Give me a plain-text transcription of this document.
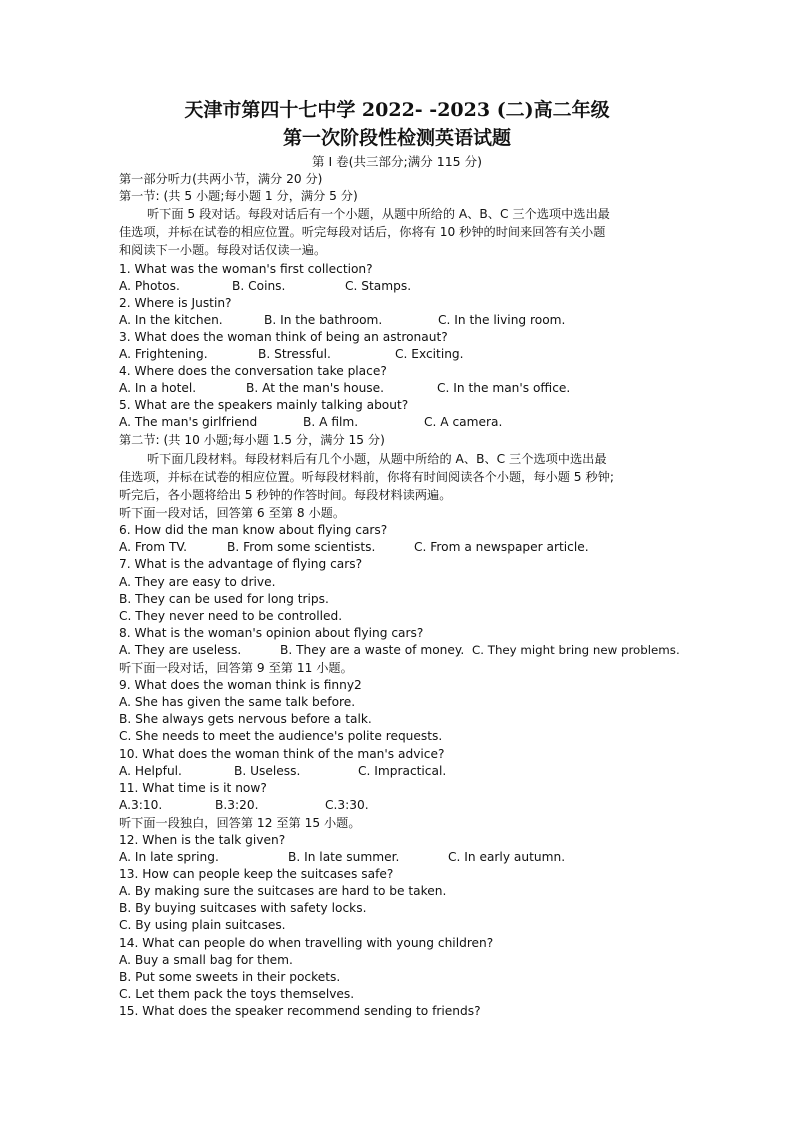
天津市第四十七中学 2022- -2023 (二)高二年级
第一次阶段性检测英语试题
第 I 卷(共三部分;满分 115 分)
第一部分听力(共两小节，满分 20 分)
第一节: (共 5 小题;每小题 1 分，满分 5 分)
听下面 5 段对话。每段对话后有一个小题，从题中所给的 A、B、C 三个选项中选出最
佳选项，并标在试卷的相应位置。听完每段对话后，你将有 10 秒钟的时间来回答有关小题
和阅读下一小题。每段对话仅读一遍。
1. What was the woman's first collection?
A. Photos.	B. Coins.	C. Stamps.
2. Where is Justin?
A. In the kitchen.	B. In the bathroom.	C. In the living room.
3. What does the woman think of being an astronaut?
A. Frightening.	B. Stressful.	C. Exciting.
4. Where does the conversation take place?
A. In a hotel.	B. At the man's house.	C. In the man's office.
5. What are the speakers mainly talking about?
A. The man's girlfriend	B. A film.	C. A camera.
第二节: (共 10 小题;每小题 1.5 分，满分 15 分)
听下面几段材料。每段材料后有几个小题，从题中所给的 A、B、C 三个选项中选出最
佳选项，并标在试卷的相应位置。听每段材料前，你将有时间阅读各个小题，每小题 5 秒钟;
听完后，各小题将给出 5 秒钟的作答时间。每段材料读两遍。
听下面一段对话，回答第 6 至第 8 小题。
6. How did the man know about flying cars?
A. From TV.	B. From some scientists.	C. From a newspaper article.
7. What is the advantage of flying cars?
A. They are easy to drive.
B. They can be used for long trips.
C. They never need to be controlled.
8. What is the woman's opinion about flying cars?
A. They are useless.	B. They are a waste of money. C. They might bring new problems.
听下面一段对话，回答第 9 至第 11 小题。
9. What does the woman think is finny2
A. She has given the same talk before.
B. She always gets nervous before a talk.
C. She needs to meet the audience's polite requests.
10. What does the woman think of the man's advice?
A. Helpful.	B. Useless.	C. Impractical.
11. What time is it now?
A.3:10.	B.3:20.	C.3:30.
听下面一段独白，回答第 12 至第 15 小题。
12. When is the talk given?
A. In late spring.	B. In late summer.	C. In early autumn.
13. How can people keep the suitcases safe?
A. By making sure the suitcases are hard to be taken.
B. By buying suitcases with safety locks.
C. By using plain suitcases.
14. What can people do when travelling with young children?
A. Buy a small bag for them.
B. Put some sweets in their pockets.
C. Let them pack the toys themselves.
15. What does the speaker recommend sending to friends?
